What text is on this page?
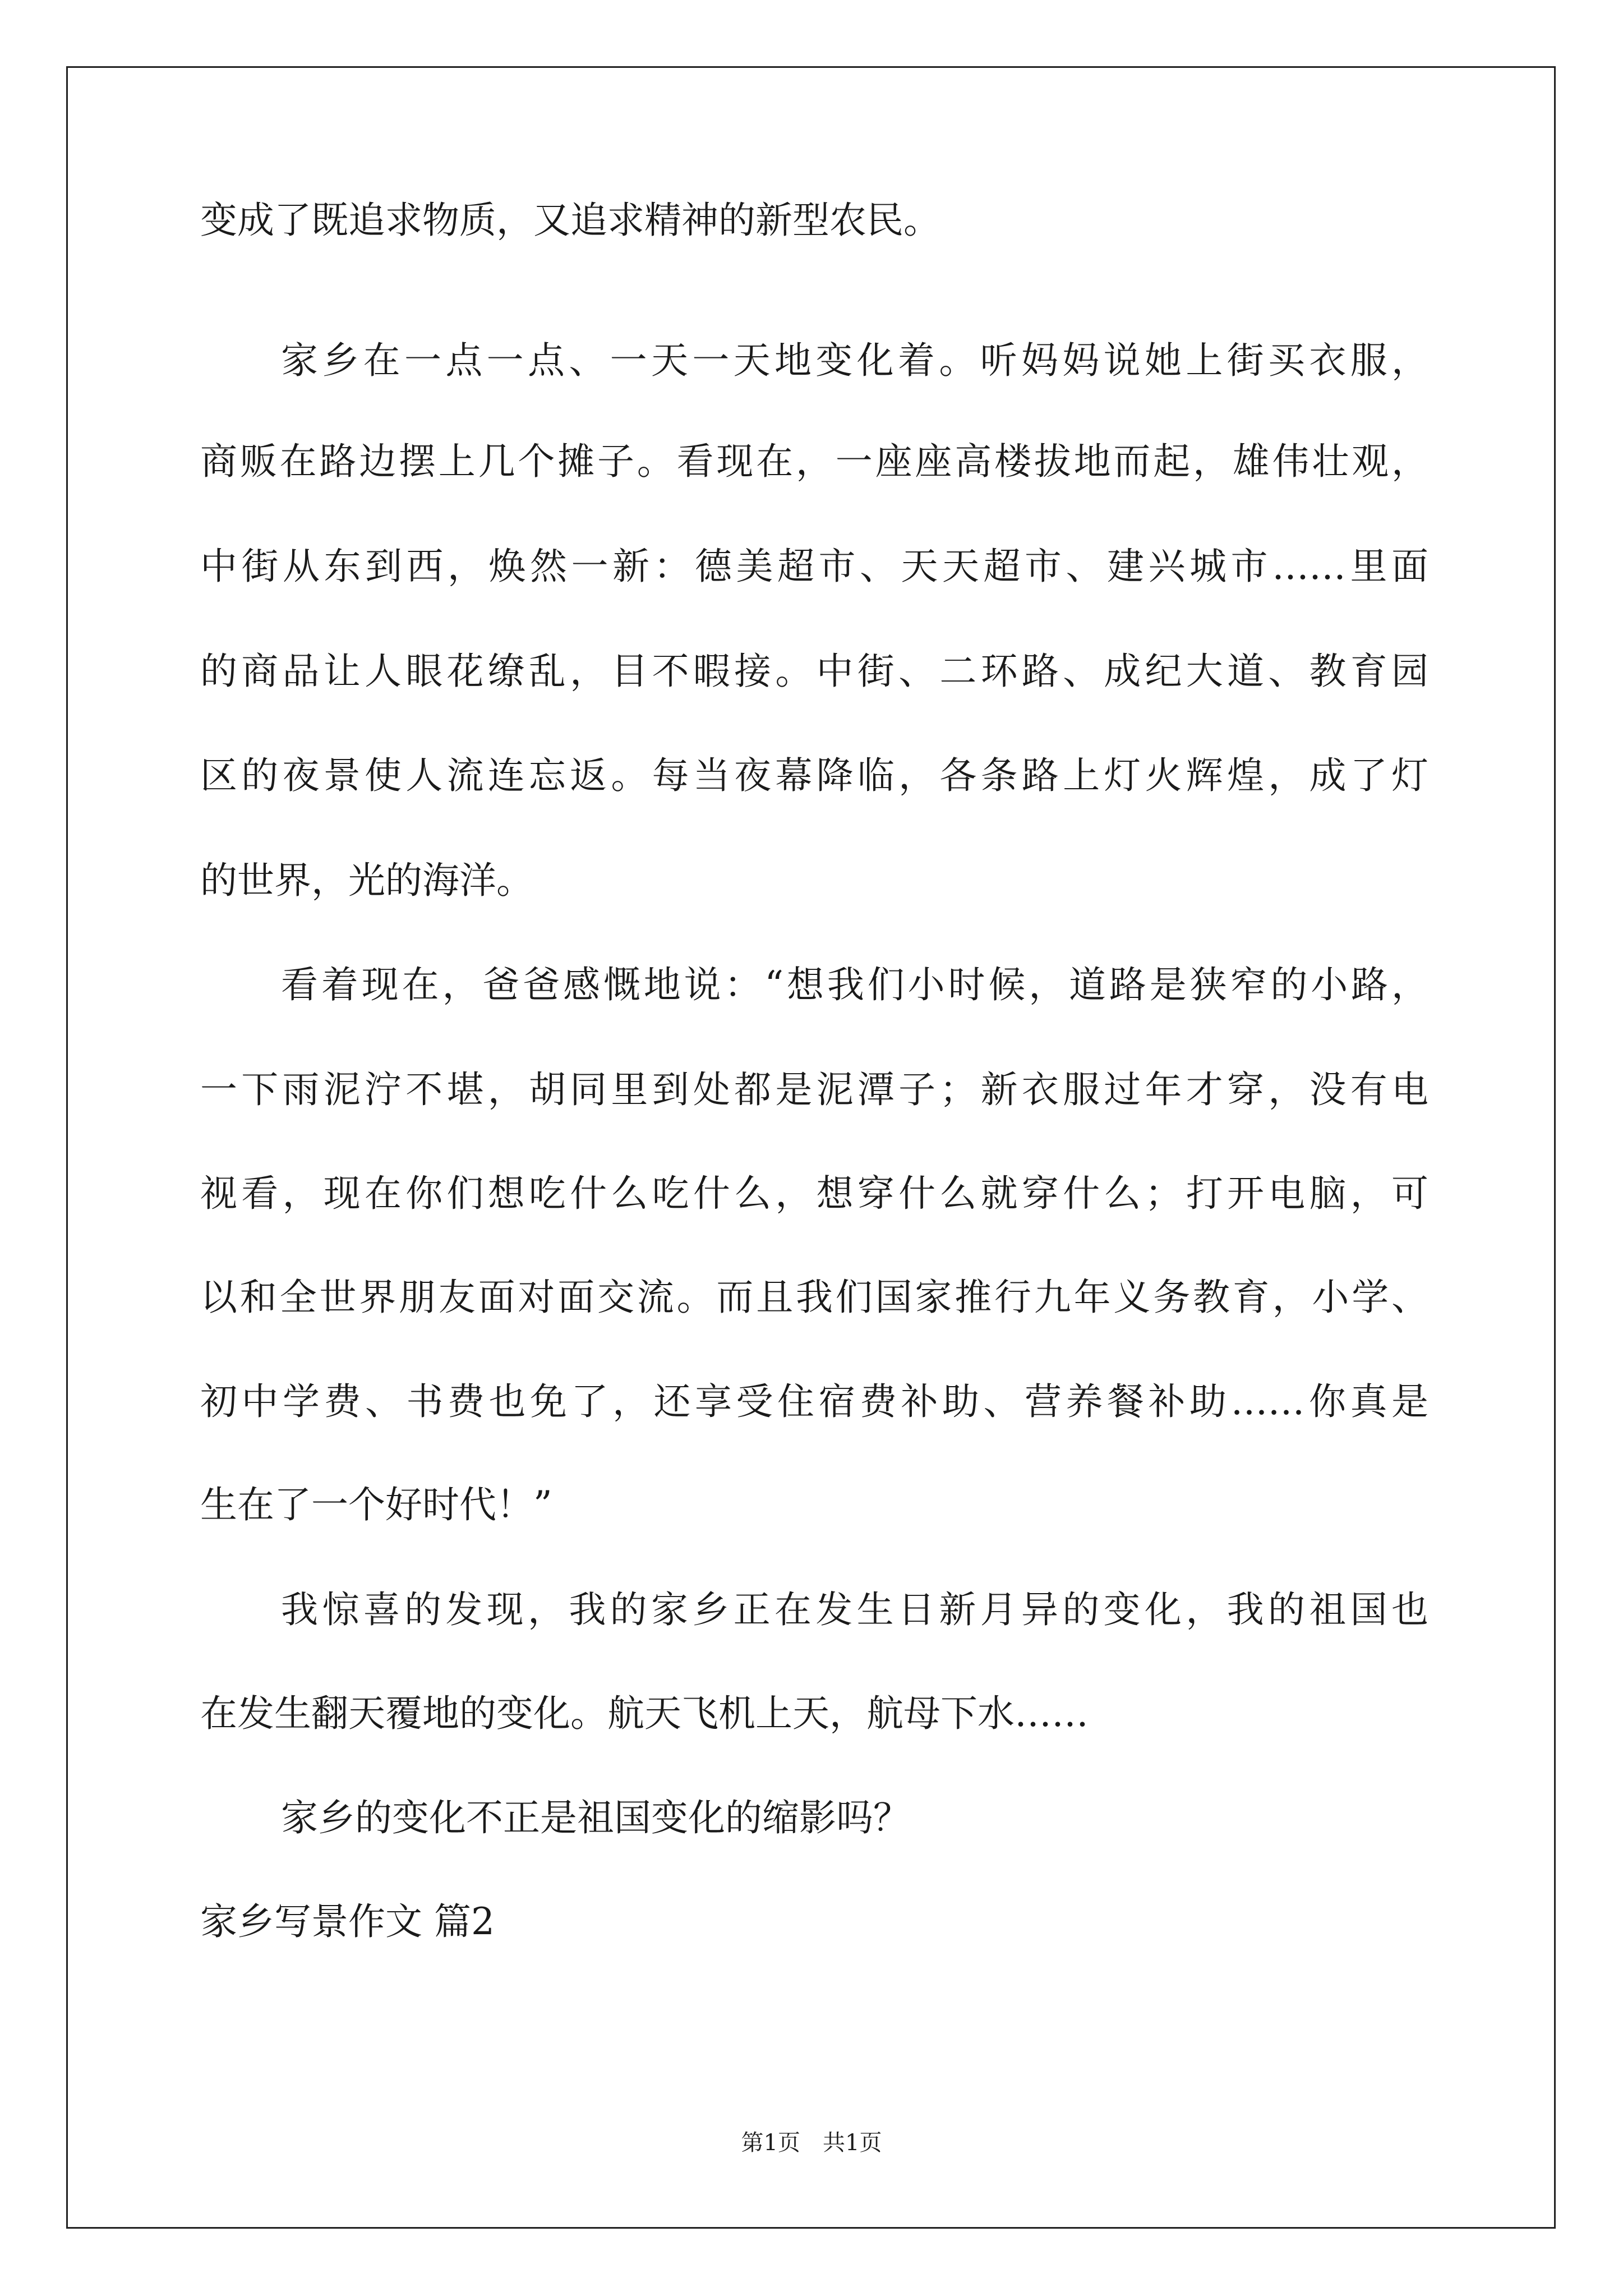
变成了既追求物质，又追求精神的新型农民。
家乡在一点一点、一天一天地变化着。听妈妈说她上街买衣服，
商贩在路边摆上几个摊子。看现在，一座座高楼拔地而起，雄伟壮观，
中街从东到西，焕然一新：德美超市、天天超市、建兴城市……里面
的商品让人眼花缭乱，目不暇接。中街、二环路、成纪大道、教育园
区的夜景使人流连忘返。每当夜幕降临，各条路上灯火辉煌，成了灯
的世界，光的海洋。
看着现在，爸爸感慨地说：“想我们小时候，道路是狭窄的小路，
一下雨泥泞不堪，胡同里到处都是泥潭子；新衣服过年才穿，没有电
视看，现在你们想吃什么吃什么，想穿什么就穿什么；打开电脑，可
以和全世界朋友面对面交流。而且我们国家推行九年义务教育，小学、
初中学费、书费也免了，还享受住宿费补助、营养餐补助……你真是
生在了一个好时代！”
我惊喜的发现，我的家乡正在发生日新月异的变化，我的祖国也
在发生翻天覆地的变化。航天飞机上天，航母下水……
家乡的变化不正是祖国变化的缩影吗？
家乡写景作文 篇2
第1页　共1页
